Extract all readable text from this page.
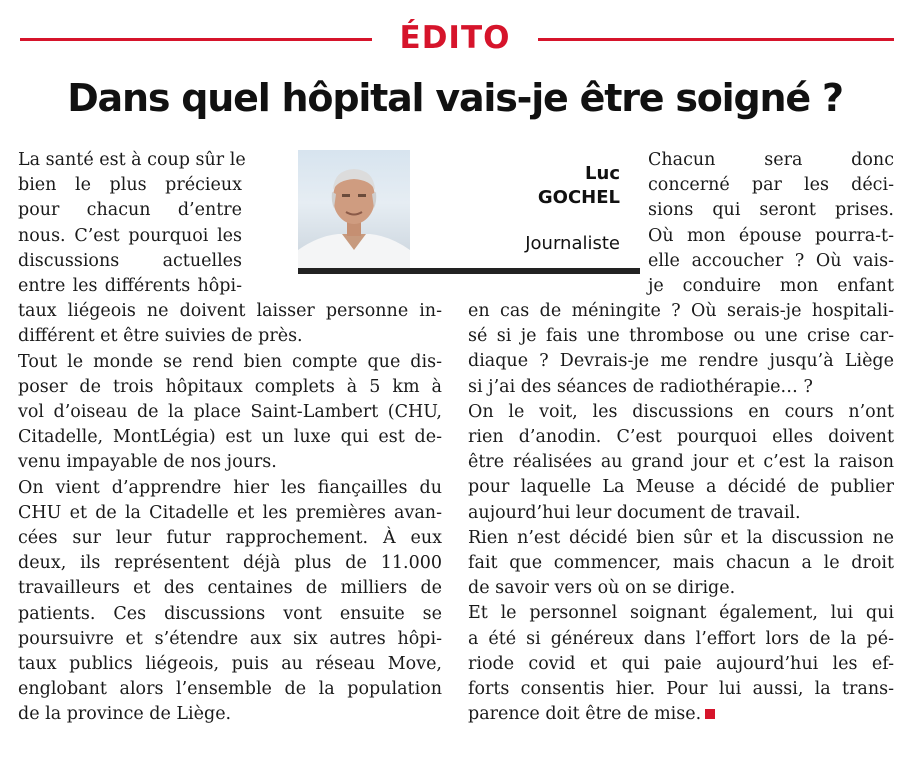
ÉDITO
Dans quel hôpital vais-je être soigné ?
La santé est à coup sûr le
bien le plus précieux
pour chacun d’entre
nous. C’est pourquoi les
discussions actuelles
entre les différents hôpi-
taux liégeois ne doivent laisser personne in-
différent et être suivies de près.
Tout le monde se rend bien compte que dis-
poser de trois hôpitaux complets à 5 km à
vol d’oiseau de la place Saint-Lambert (CHU,
Citadelle, MontLégia) est un luxe qui est de-
venu impayable de nos jours.
On vient d’apprendre hier les fiançailles du
CHU et de la Citadelle et les premières avan-
cées sur leur futur rapprochement. À eux
deux, ils représentent déjà plus de 11.000
travailleurs et des centaines de milliers de
patients. Ces discussions vont ensuite se
poursuivre et s’étendre aux six autres hôpi-
taux publics liégeois, puis au réseau Move,
englobant alors l’ensemble de la population
de la province de Liège.
Luc
GOCHEL
Journaliste
Chacun sera donc
concerné par les déci-
sions qui seront prises.
Où mon épouse pourra-t-
elle accoucher ? Où vais-
je conduire mon enfant
en cas de méningite ? Où serais-je hospitali-
sé si je fais une thrombose ou une crise car-
diaque ? Devrais-je me rendre jusqu’à Liège
si j’ai des séances de radiothérapie… ?
On le voit, les discussions en cours n’ont
rien d’anodin. C’est pourquoi elles doivent
être réalisées au grand jour et c’est la raison
pour laquelle La Meuse a décidé de publier
aujourd’hui leur document de travail.
Rien n’est décidé bien sûr et la discussion ne
fait que commencer, mais chacun a le droit
de savoir vers où on se dirige.
Et le personnel soignant également, lui qui
a été si généreux dans l’effort lors de la pé-
riode covid et qui paie aujourd’hui les ef-
forts consentis hier. Pour lui aussi, la trans-
parence doit être de mise.
